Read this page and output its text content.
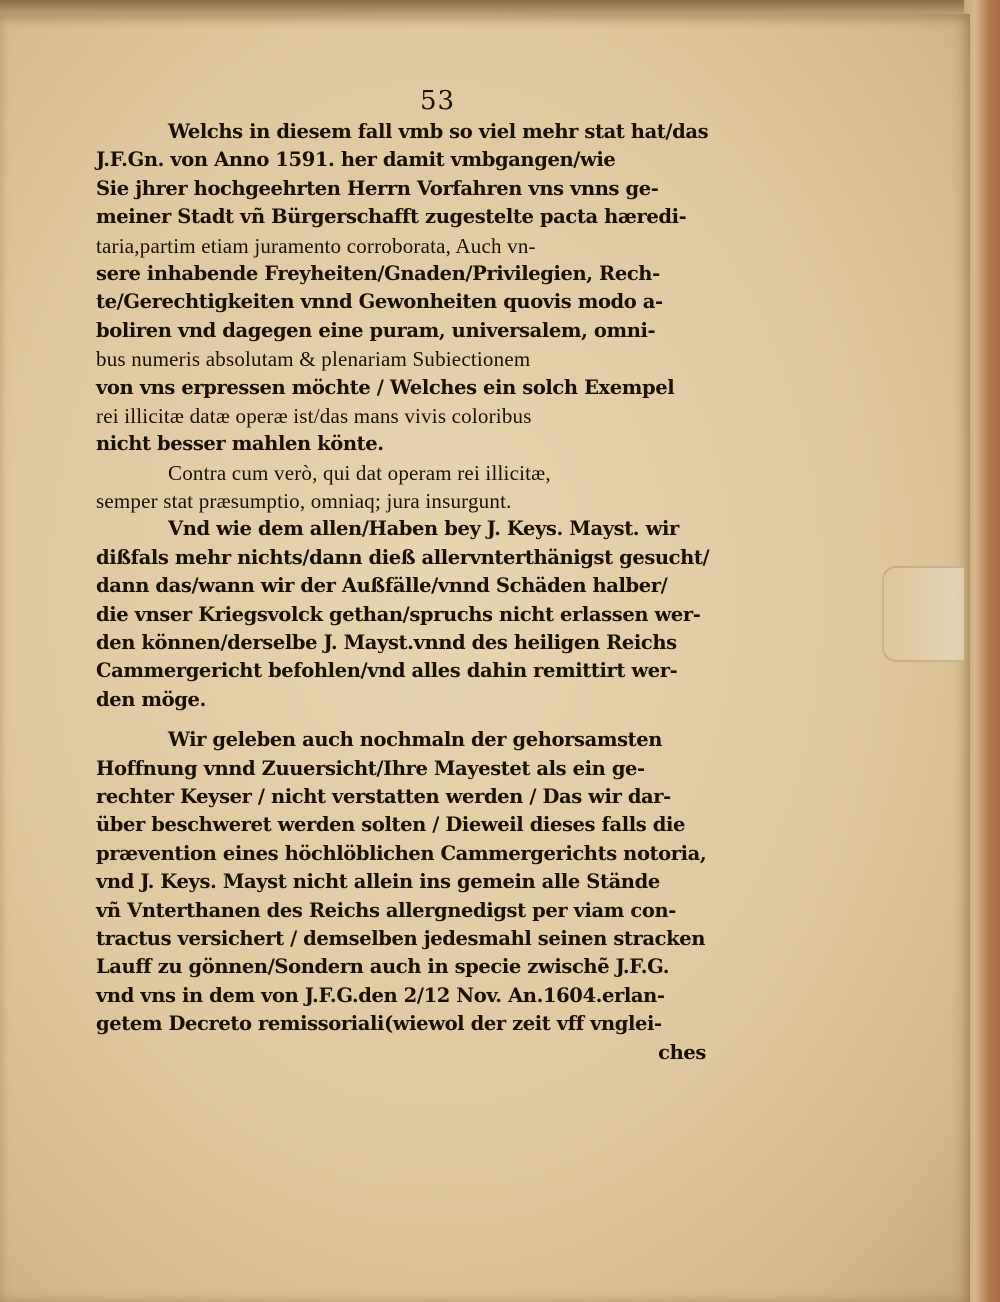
53
Welchs in diesem fall vmb so viel mehr stat hat/das
J.F.Gn. von Anno 1591. her damit vmbgangen/wie
Sie jhrer hochgeehrten Herrn Vorfahren vns vnns ge-
meiner Stadt vñ Bürgerschafft zugestelte pacta hæredi-
taria,partim etiam juramento corroborata, Auch vn-
sere inhabende Freyheiten/Gnaden/Privilegien, Rech-
te/Gerechtigkeiten vnnd Gewonheiten quovis modo a-
boliren vnd dagegen eine puram, universalem, omni-
bus numeris absolutam & plenariam Subiectionem
von vns erpressen möchte / Welches ein solch Exempel
rei illicitæ datæ operæ ist/das mans vivis coloribus
nicht besser mahlen könte.
Contra cum verò, qui dat operam rei illicitæ,
semper stat præsumptio, omniaq; jura insurgunt.
Vnd wie dem allen/Haben bey J. Keys. Mayst. wir
dißfals mehr nichts/dann dieß allervnterthänigst gesucht/
dann das/wann wir der Außfälle/vnnd Schäden halber/
die vnser Kriegsvolck gethan/spruchs nicht erlassen wer-
den können/derselbe J. Mayst.vnnd des heiligen Reichs
Cammergericht befohlen/vnd alles dahin remittirt wer-
den möge.
Wir geleben auch nochmaln der gehorsamsten
Hoffnung vnnd Zuuersicht/Ihre Mayestet als ein ge-
rechter Keyser / nicht verstatten werden / Das wir dar-
über beschweret werden solten / Dieweil dieses falls die
prævention eines höchlöblichen Cammergerichts notoria,
vnd J. Keys. Mayst nicht allein ins gemein alle Stände
vñ Vnterthanen des Reichs allergnedigst per viam con-
tractus versichert / demselben jedesmahl seinen stracken
Lauff zu gönnen/Sondern auch in specie zwischẽ J.F.G.
vnd vns in dem von J.F.G.den 2/12 Nov. An.1604.erlan-
getem Decreto remissoriali(wiewol der zeit vff vnglei-
ches
